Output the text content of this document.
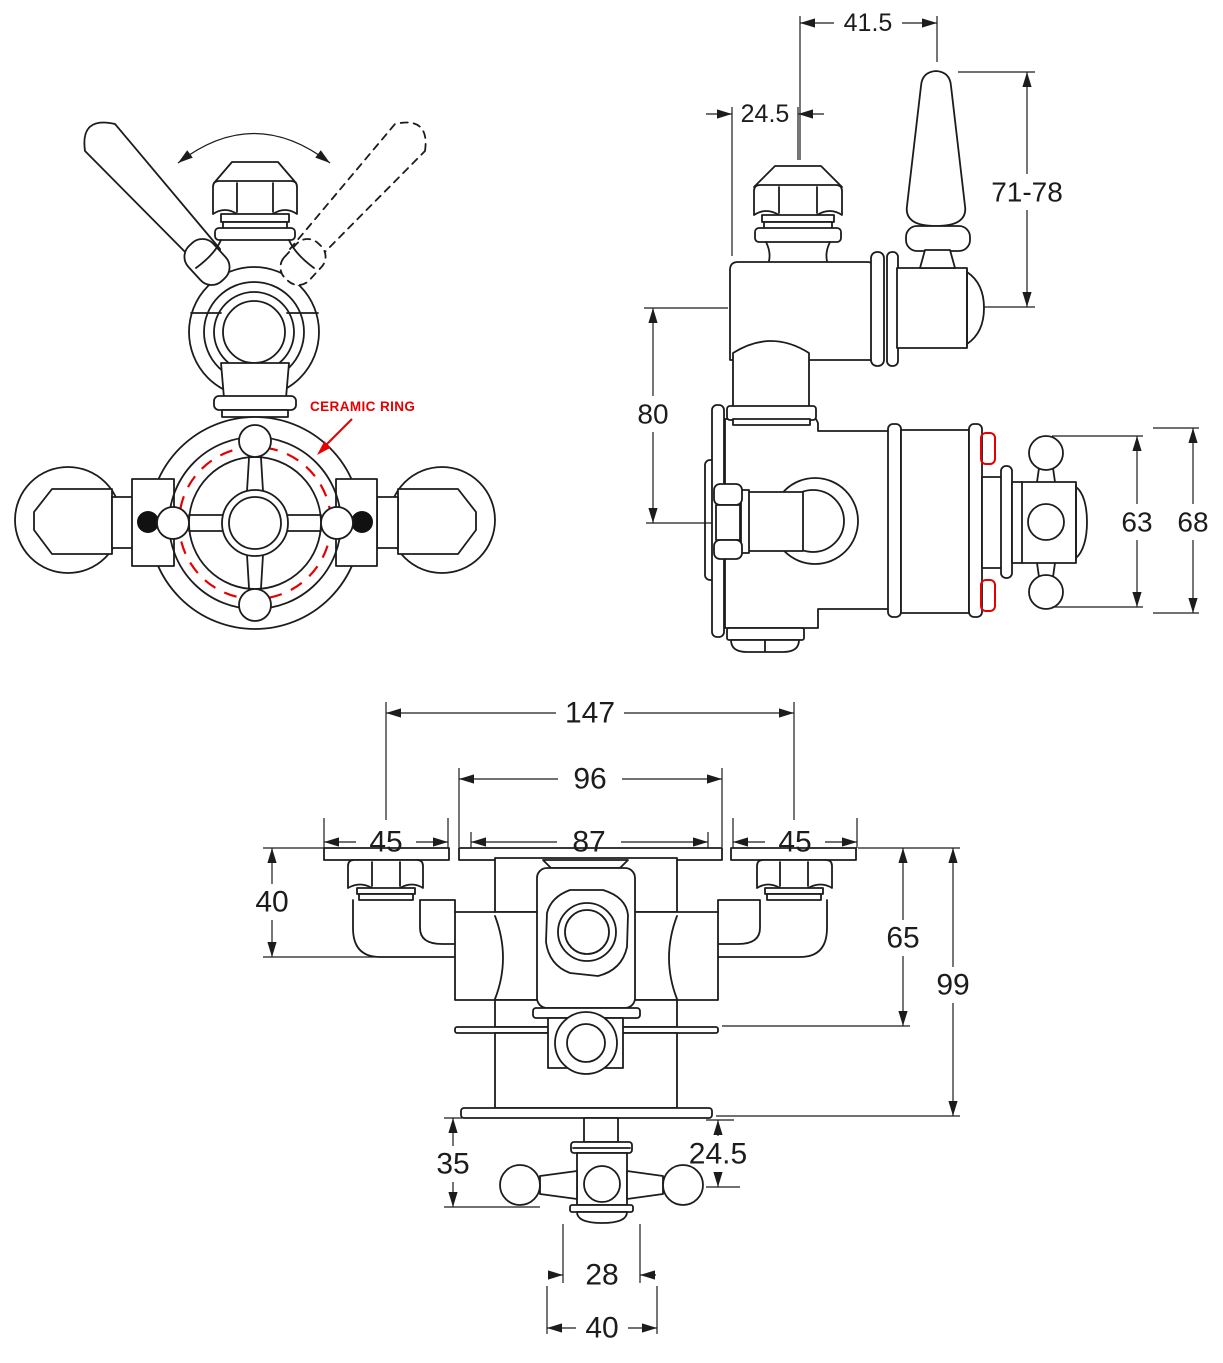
CERAMIC RING
41.5
24.5
71-78
80
63 68
147
96
87
45	45
40
65
99
35	24.5
28
40
